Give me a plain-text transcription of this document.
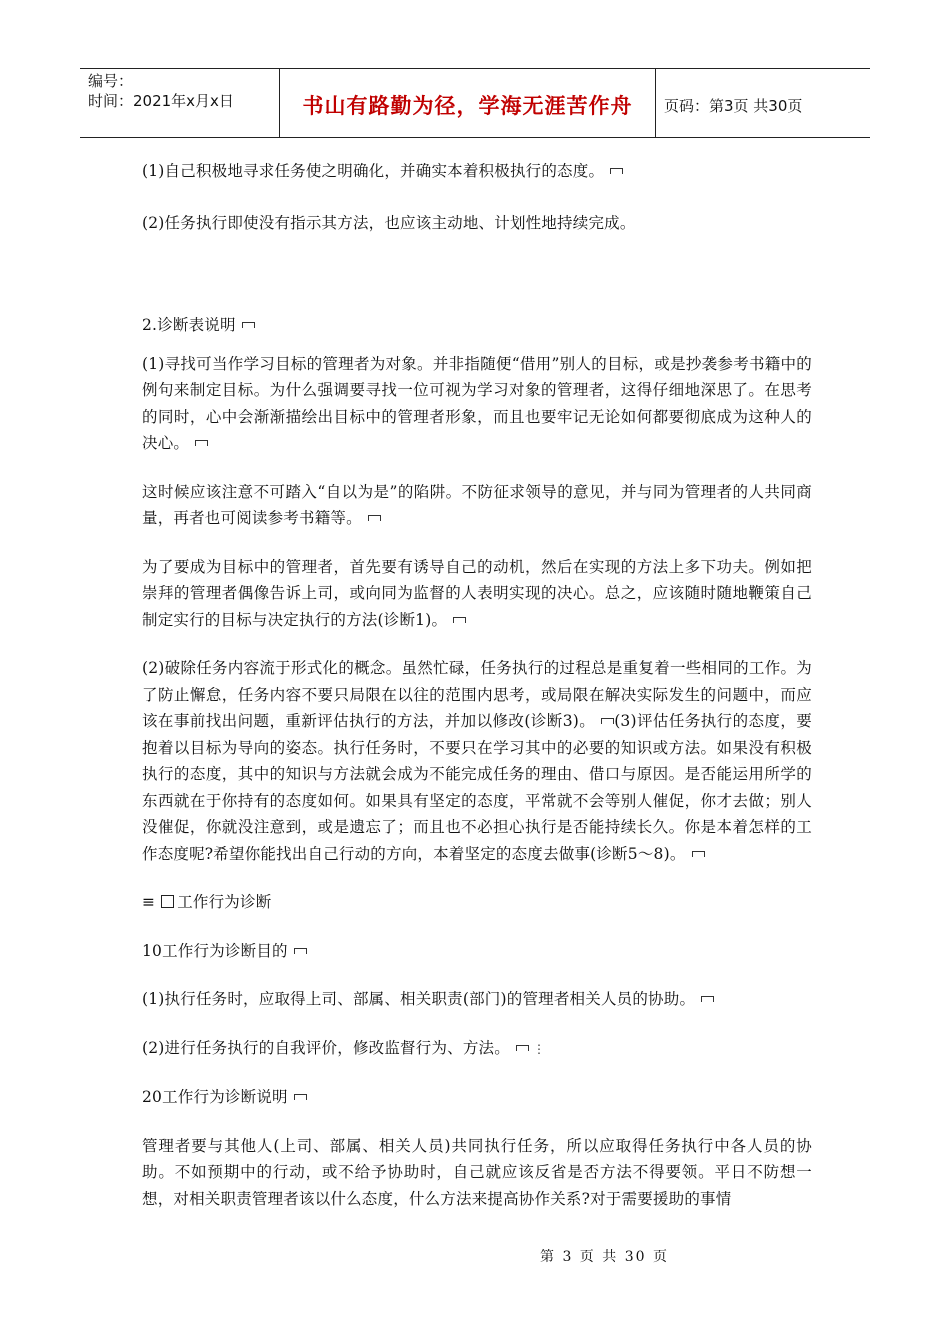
编号：
时间：2021年x月x日	书山有路勤为径，学海无涯苦作舟	页码：第3页 共30页

(1)自己积极地寻求任务使之明确化，并确实本着积极执行的态度。

(2)任务执行即使没有指示其方法，也应该主动地、计划性地持续完成。

2.诊断表说明

(1)寻找可当作学习目标的管理者为对象。并非指随便“借用”别人的目标，或是抄袭参考书籍中的例句来制定目标。为什么强调要寻找一位可视为学习对象的管理者，这得仔细地深思了。在思考的同时，心中会渐渐描绘出目标中的管理者形象，而且也要牢记无论如何都要彻底成为这种人的决心。

这时候应该注意不可踏入“自以为是”的陷阱。不防征求领导的意见，并与同为管理者的人共同商量，再者也可阅读参考书籍等。

为了要成为目标中的管理者，首先要有诱导自己的动机，然后在实现的方法上多下功夫。例如把崇拜的管理者偶像告诉上司，或向同为监督的人表明实现的决心。总之，应该随时随地鞭策自己制定实行的目标与决定执行的方法(诊断1)。

(2)破除任务内容流于形式化的概念。虽然忙碌，任务执行的过程总是重复着一些相同的工作。为了防止懈怠，任务内容不要只局限在以往的范围内思考，或局限在解决实际发生的问题中，而应该在事前找出问题，重新评估执行的方法，并加以修改(诊断3)。 (3)评估任务执行的态度，要抱着以目标为导向的姿态。执行任务时，不要只在学习其中的必要的知识或方法。如果没有积极执行的态度，其中的知识与方法就会成为不能完成任务的理由、借口与原因。是否能运用所学的东西就在于你持有的态度如何。如果具有坚定的态度，平常就不会等别人催促，你才去做；别人没催促，你就没注意到，或是遗忘了；而且也不必担心执行是否能持续长久。你是本着怎样的工作态度呢?希望你能找出自己行动的方向，本着坚定的态度去做事(诊断5～8)。

≡ 工作行为诊断

10工作行为诊断目的

(1)执行任务时，应取得上司、部属、相关职责(部门)的管理者相关人员的协助。

(2)进行任务执行的自我评价，修改监督行为、方法。 ⋮

20工作行为诊断说明

管理者要与其他人(上司、部属、相关人员)共同执行任务，所以应取得任务执行中各人员的协助。不如预期中的行动，或不给予协助时，自己就应该反省是否方法不得要领。平日不防想一想，对相关职责管理者该以什么态度，什么方法来提高协作关系?对于需要援助的事情

第 3 页 共 30 页
